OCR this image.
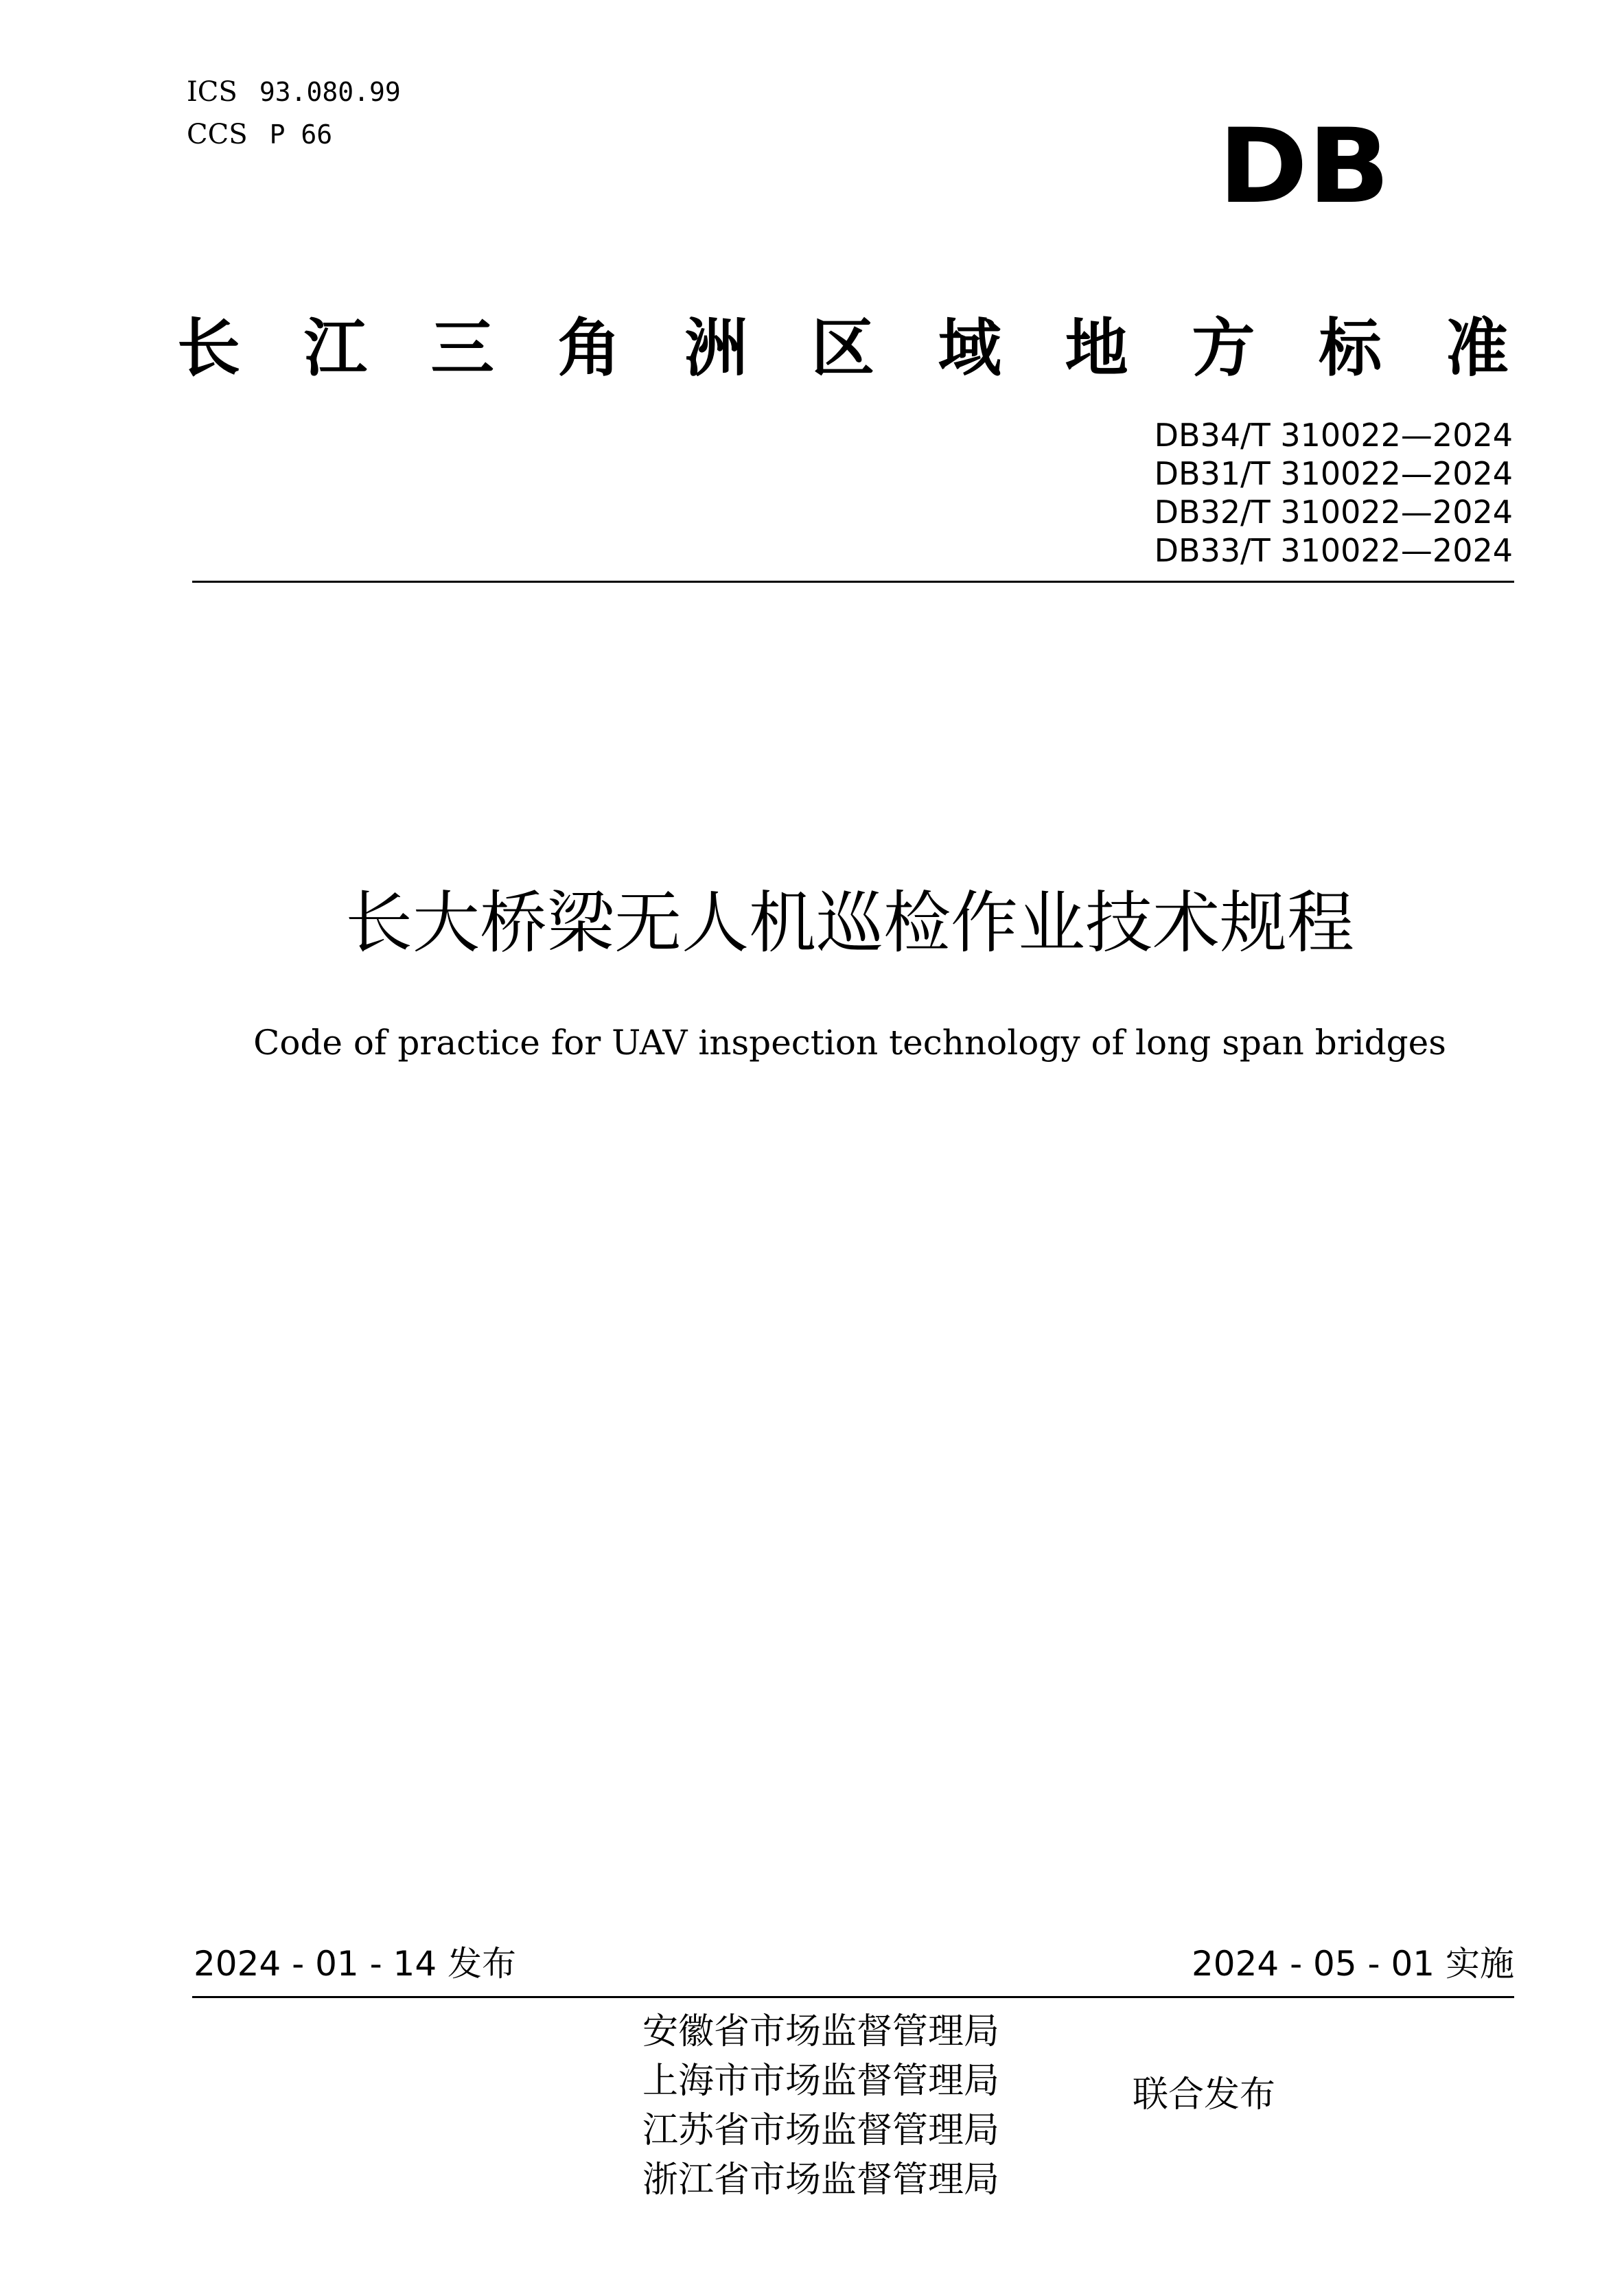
ICS 93.080.99
CCS P 66	DB
长 江 三 角 洲 区 域 地 方 标 准
DB34/T 310022—2024
DB31/T 310022—2024
DB32/T 310022—2024
DB33/T 310022—2024
长大桥梁无人机巡检作业技术规程
Code of practice for UAV inspection technology of long span bridges
2024 - 01 - 14 发布	2024 - 05 - 01 实施
安徽省市场监督管理局
上海市市场监督管理局
江苏省市场监督管理局
浙江省市场监督管理局
联合发布
